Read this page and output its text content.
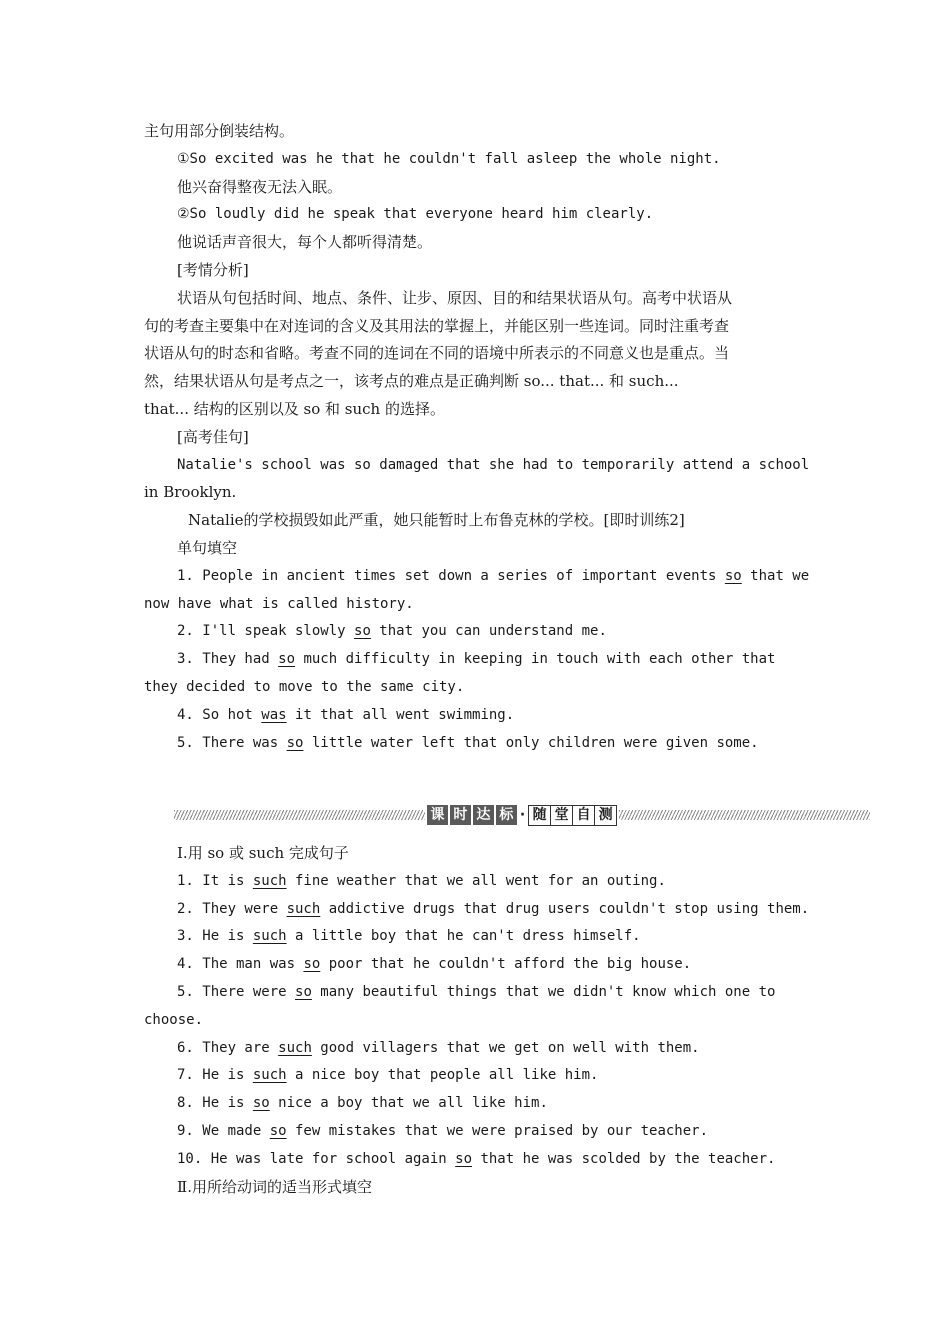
主句用部分倒装结构。
①So excited was he that he couldn't fall asleep the whole night.
他兴奋得整夜无法入眠。
②So loudly did he speak that everyone heard him clearly.
他说话声音很大，每个人都听得清楚。
[考情分析]
状语从句包括时间、地点、条件、让步、原因、目的和结果状语从句。高考中状语从
句的考查主要集中在对连词的含义及其用法的掌握上，并能区别一些连词。同时注重考查
状语从句的时态和省略。考查不同的连词在不同的语境中所表示的不同意义也是重点。当
然，结果状语从句是考点之一，该考点的难点是正确判断 so... that... 和 such...
that... 结构的区别以及 so 和 such 的选择。
[高考佳句]
Natalie's school was so damaged that she had to temporarily attend a school
in Brooklyn.
Natalie的学校损毁如此严重，她只能暂时上布鲁克林的学校。[即时训练2]
单句填空
1. People in ancient times set down a series of important events so that we
now have what is called history.
2. I'll speak slowly so that you can understand me.
3. They had so much difficulty in keeping in touch with each other that
they decided to move to the same city.
4. So hot was it that all went swimming.
5. There was so little water left that only children were given some.
课 时 达 标 · 随 堂 自 测
Ⅰ.用 so 或 such 完成句子
1. It is such fine weather that we all went for an outing.
2. They were such addictive drugs that drug users couldn't stop using them.
3. He is such a little boy that he can't dress himself.
4. The man was so poor that he couldn't afford the big house.
5. There were so many beautiful things that we didn't know which one to
choose.
6. They are such good villagers that we get on well with them.
7. He is such a nice boy that people all like him.
8. He is so nice a boy that we all like him.
9. We made so few mistakes that we were praised by our teacher.
10. He was late for school again so that he was scolded by the teacher.
Ⅱ.用所给动词的适当形式填空
